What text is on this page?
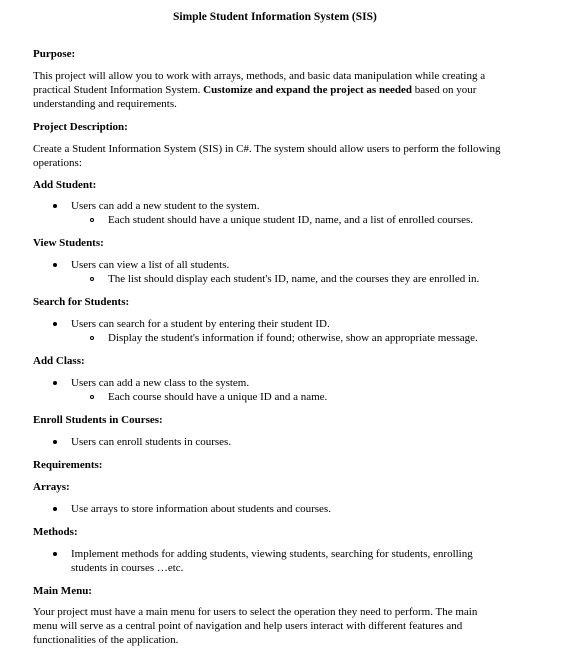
Simple Student Information System (SIS)
Purpose:
This project will allow you to work with arrays, methods, and basic data manipulation while creating a
practical Student Information System. Customize and expand the project as needed based on your
understanding and requirements.
Project Description:
Create a Student Information System (SIS) in C#. The system should allow users to perform the following
operations:
Add Student:
Users can add a new student to the system.
Each student should have a unique student ID, name, and a list of enrolled courses.
View Students:
Users can view a list of all students.
The list should display each student's ID, name, and the courses they are enrolled in.
Search for Students:
Users can search for a student by entering their student ID.
Display the student's information if found; otherwise, show an appropriate message.
Add Class:
Users can add a new class to the system.
Each course should have a unique ID and a name.
Enroll Students in Courses:
Users can enroll students in courses.
Requirements:
Arrays:
Use arrays to store information about students and courses.
Methods:
Implement methods for adding students, viewing students, searching for students, enrolling
students in courses …etc.
Main Menu:
Your project must have a main menu for users to select the operation they need to perform. The main
menu will serve as a central point of navigation and help users interact with different features and
functionalities of the application.
